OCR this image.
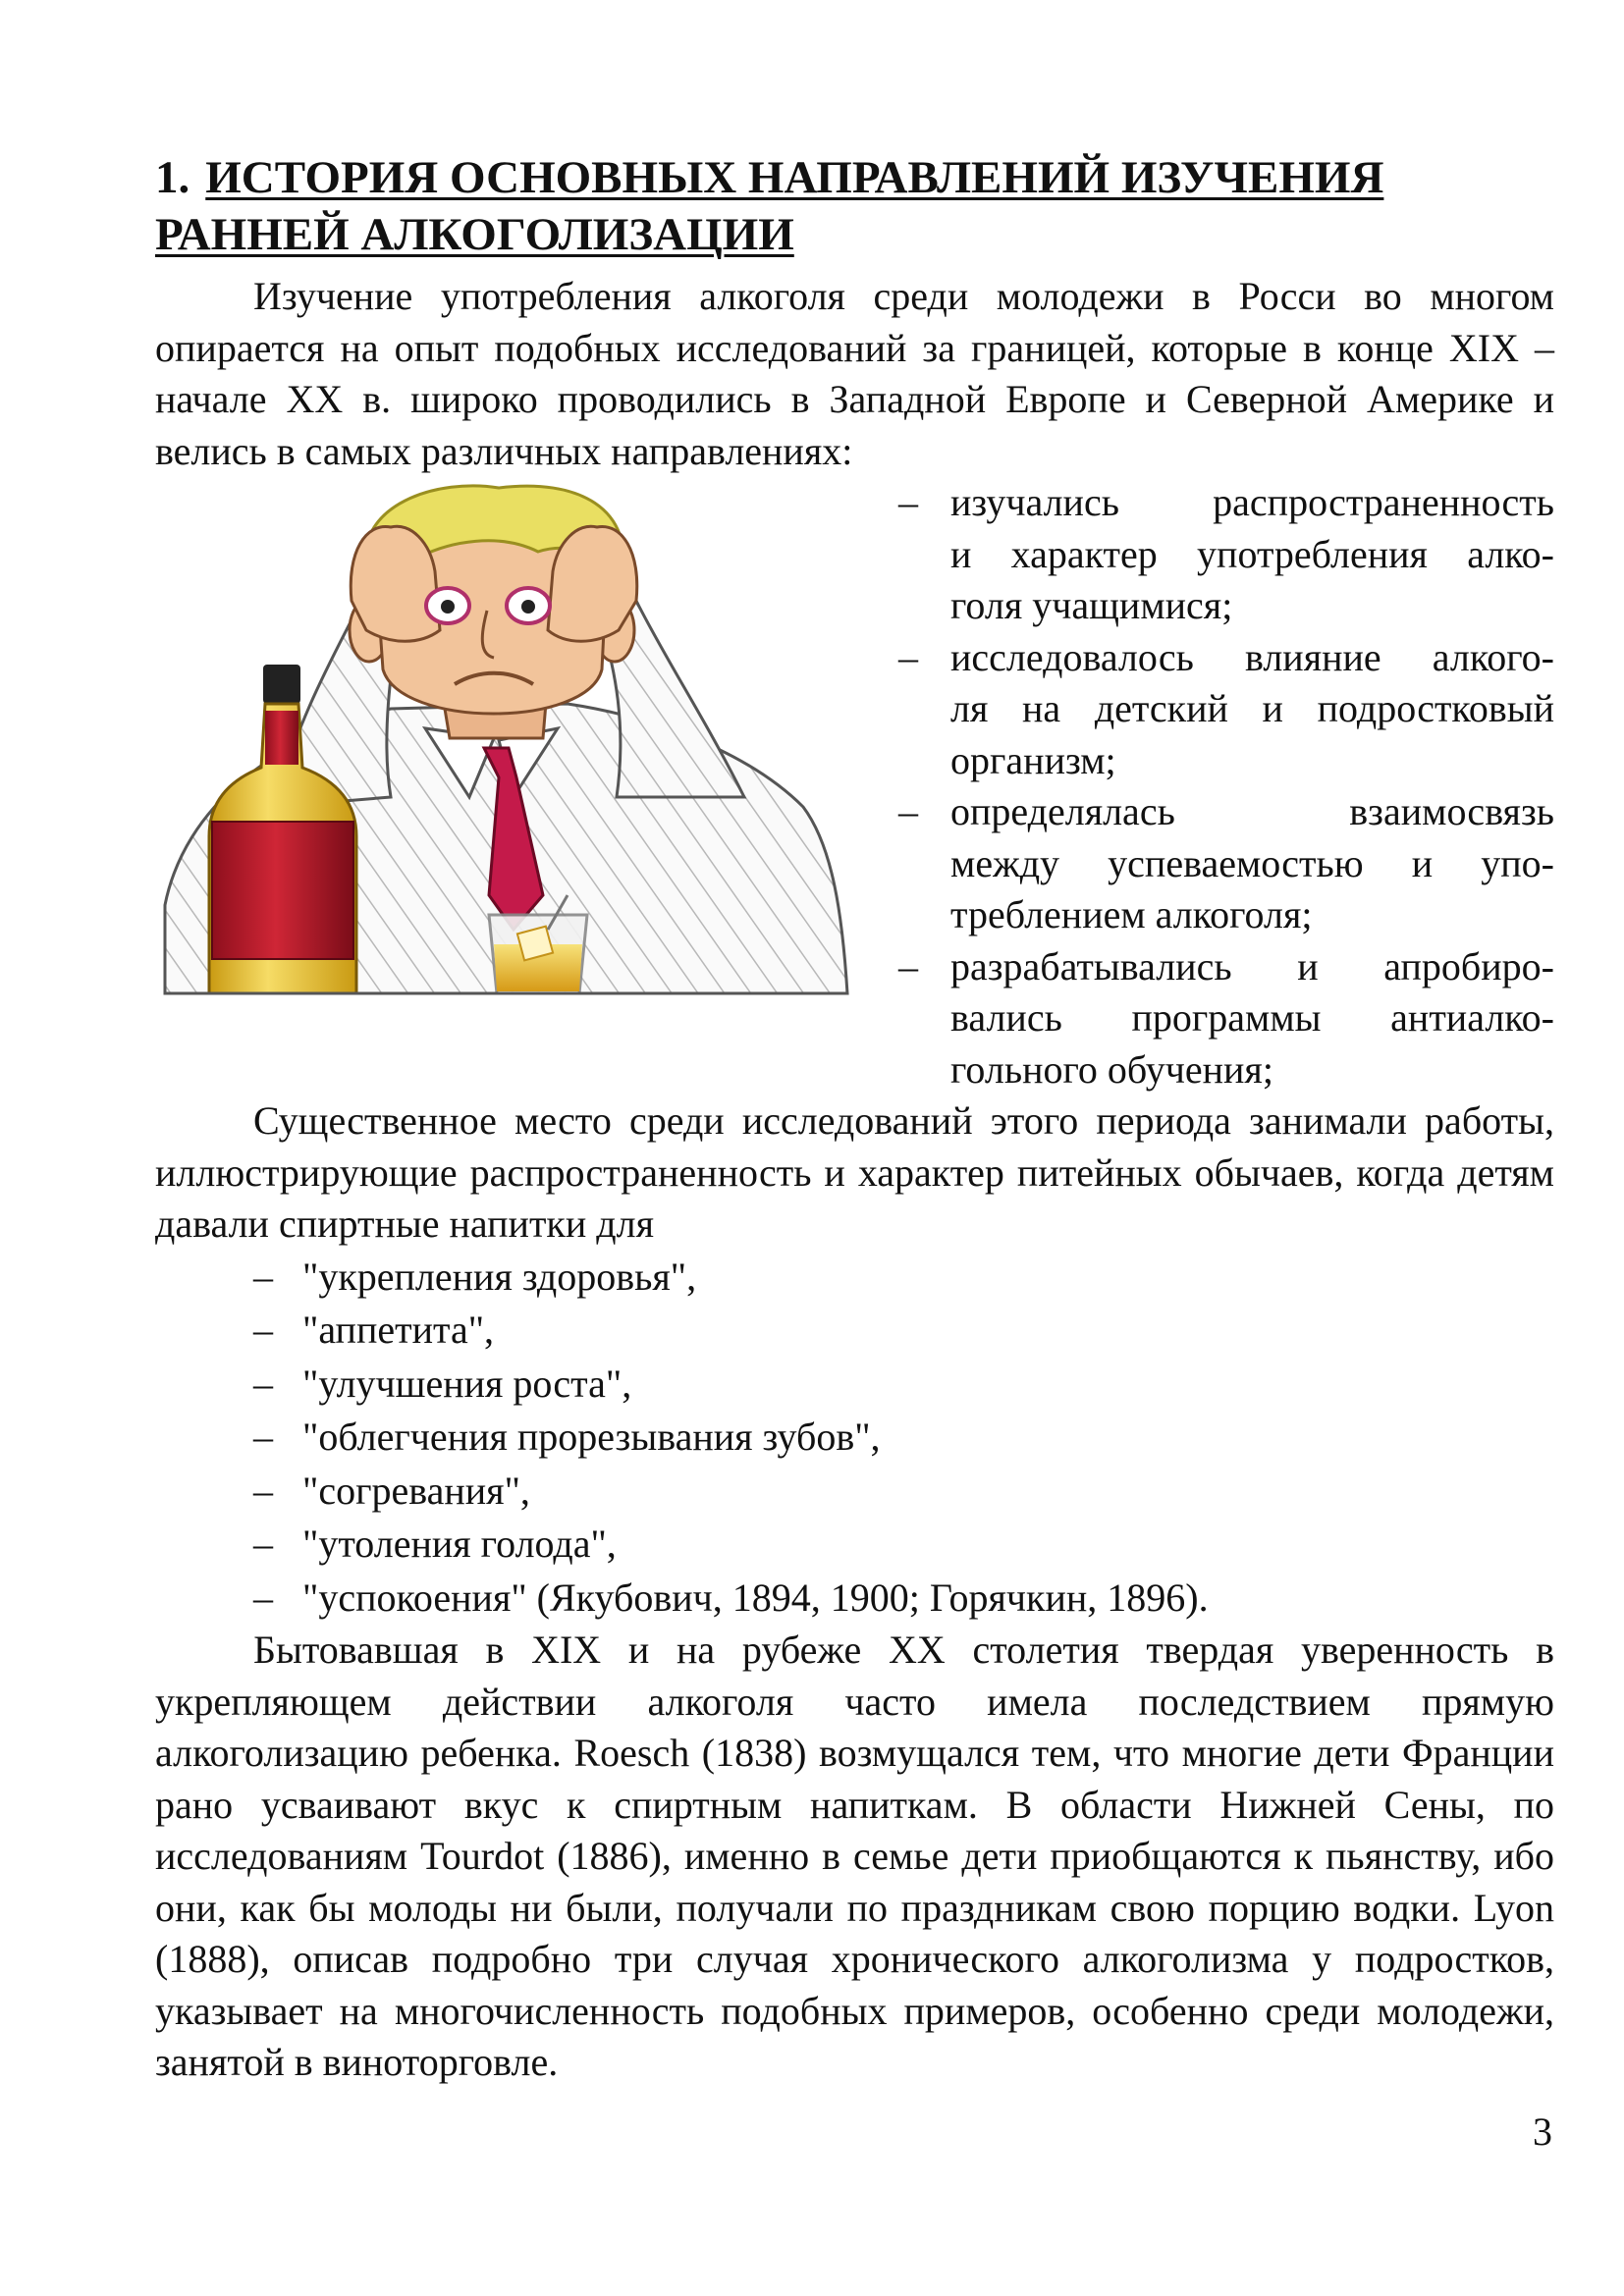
1. ИСТОРИЯ ОСНОВНЫХ НАПРАВЛЕНИЙ ИЗУЧЕНИЯ
РАННЕЙ АЛКОГОЛИЗАЦИИ

Изучение употребления алкоголя среди молодежи в Росси во многом опирается на опыт подобных исследований за границей, которые в конце XIX – начале XX в. широко проводились в Западной Европе и Северной Америке и велись в самых различных направлениях:

– изучались распространенность
и характер употребления алко-
голя учащимися;
– исследовалось влияние алкого-
ля на детский и подростковый
организм;
– определялась взаимосвязь
между успеваемостью и упо-
треблением алкоголя;
– разрабатывались и апробиро-
вались программы антиалко-
гольного обучения;

Существенное место среди исследований этого периода занимали работы, иллюстрирующие распространенность и характер питейных обычаев, когда детям давали спиртные напитки для

– "укрепления здоровья",
– "аппетита",
– "улучшения роста",
– "облегчения прорезывания зубов",
– "согревания",
– "утоления голода",
– "успокоения" (Якубович, 1894, 1900; Горячкин, 1896).

Бытовавшая в XIX и на рубеже XX столетия твердая уверенность в укрепляющем действии алкоголя часто имела последствием прямую алкоголизацию ребенка. Roesch (1838) возмущался тем, что многие дети Франции рано усваивают вкус к спиртным напиткам. В области Нижней Сены, по исследованиям Tourdot (1886), именно в семье дети приобщаются к пьянству, ибо они, как бы молоды ни были, получали по праздникам свою порцию водки. Lyon (1888), описав подробно три случая хронического алкоголизма у подростков, указывает на многочисленность подобных примеров, особенно среди молодежи, занятой в виноторговле.

3
